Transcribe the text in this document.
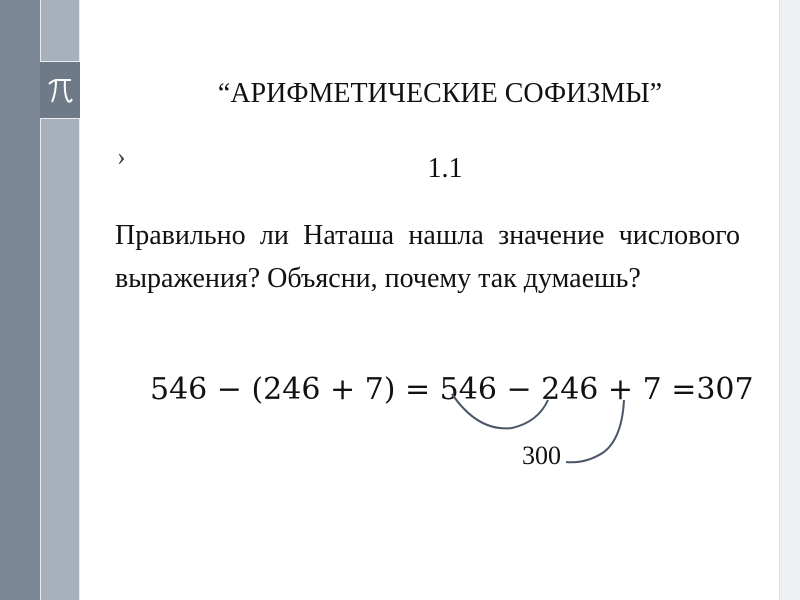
“АРИФМЕТИЧЕСКИЕ СОФИЗМЫ”
›	1.1
Правильно ли Наташа нашла значение числового выражения? Объясни, почему так думаешь?
546 − (246 + 7) = 546 − 246 + 7 =307
300
